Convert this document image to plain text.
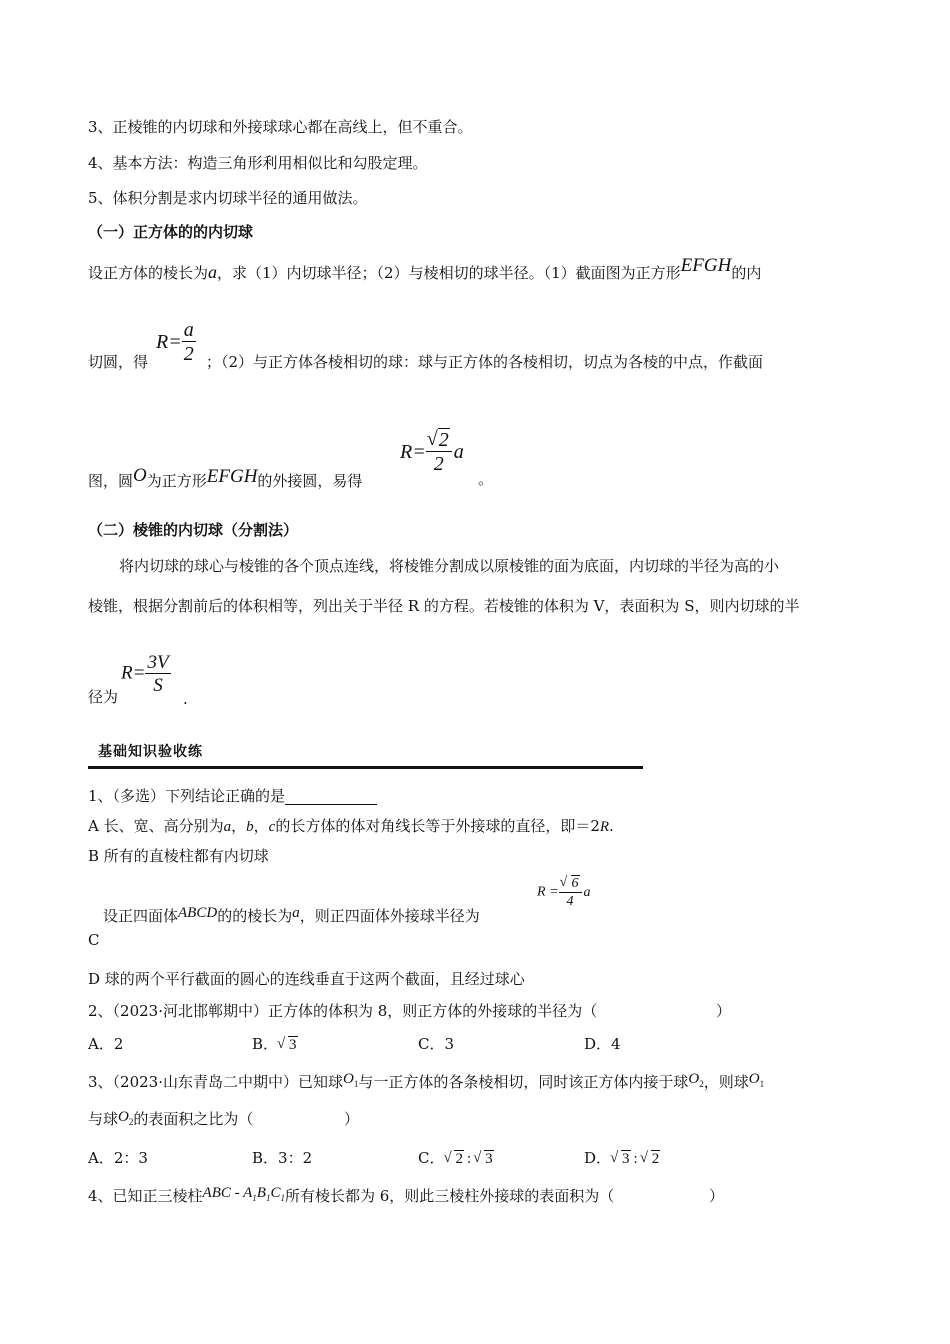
3、正棱锥的内切球和外接球球心都在高线上，但不重合。
4、基本方法：构造三角形利用相似比和勾股定理。
5、体积分割是求内切球半径的通用做法。
（一）正方体的的内切球
设正方体的棱长为a，求（1）内切球半径；（2）与棱相切的球半径。（1）截面图为正方形EFGH的内
切圆，得
$R= \frac{a}{2}$ ；（2）与正方体各棱相切的球：球与正方体的各棱相切，切点为各棱的中点，作截面
图，圆O为正方形EFGH的外接圆，易得
R= √ $\frac{2}{2}$ a
。
（二）棱锥的内切球（分割法）
将内切球的球心与棱锥的各个顶点连线，将棱锥分割成以原棱锥的面为底面，内切球的半径为高的小
棱锥，根据分割前后的体积相等，列出关于半径 R 的方程。若棱锥的体积为 V，表面积为 S，则内切球的半
径为
$R= \frac{3V}{S}$
.
基础知识验收练
1、（多选）下列结论正确的是
A 长、宽、高分别为a，b，c的长方体的体对角线长等于外接球的直径，即＝2R.
B 所有的直棱柱都有内切球
设正四面体ABCD的的棱长为a，则正四面体外接球半径为
R = √ $\frac{6}{4}$ a
C
D 球的两个平行截面的圆心的连线垂直于这两个截面，且经过球心
2、（2023·河北邯郸期中）正方体的体积为 8，则正方体的外接球的半径为（	）
A．2	B． √ 3	C．3	D．4
3、（2023·山东青岛二中期中）已知球$O_1$与一正方体的各条棱相切，同时该正方体内接于球$O_2$，则球$O_1$
与球$O_2$的表面积之比为（	）
A．2：3	B．3：2	C． √ 2 : √ 3	D． √ 3 : √ 2
4、已知正三棱柱ABC - $A_1B_1C_1$所有棱长都为 6，则此三棱柱外接球的表面积为（	）
